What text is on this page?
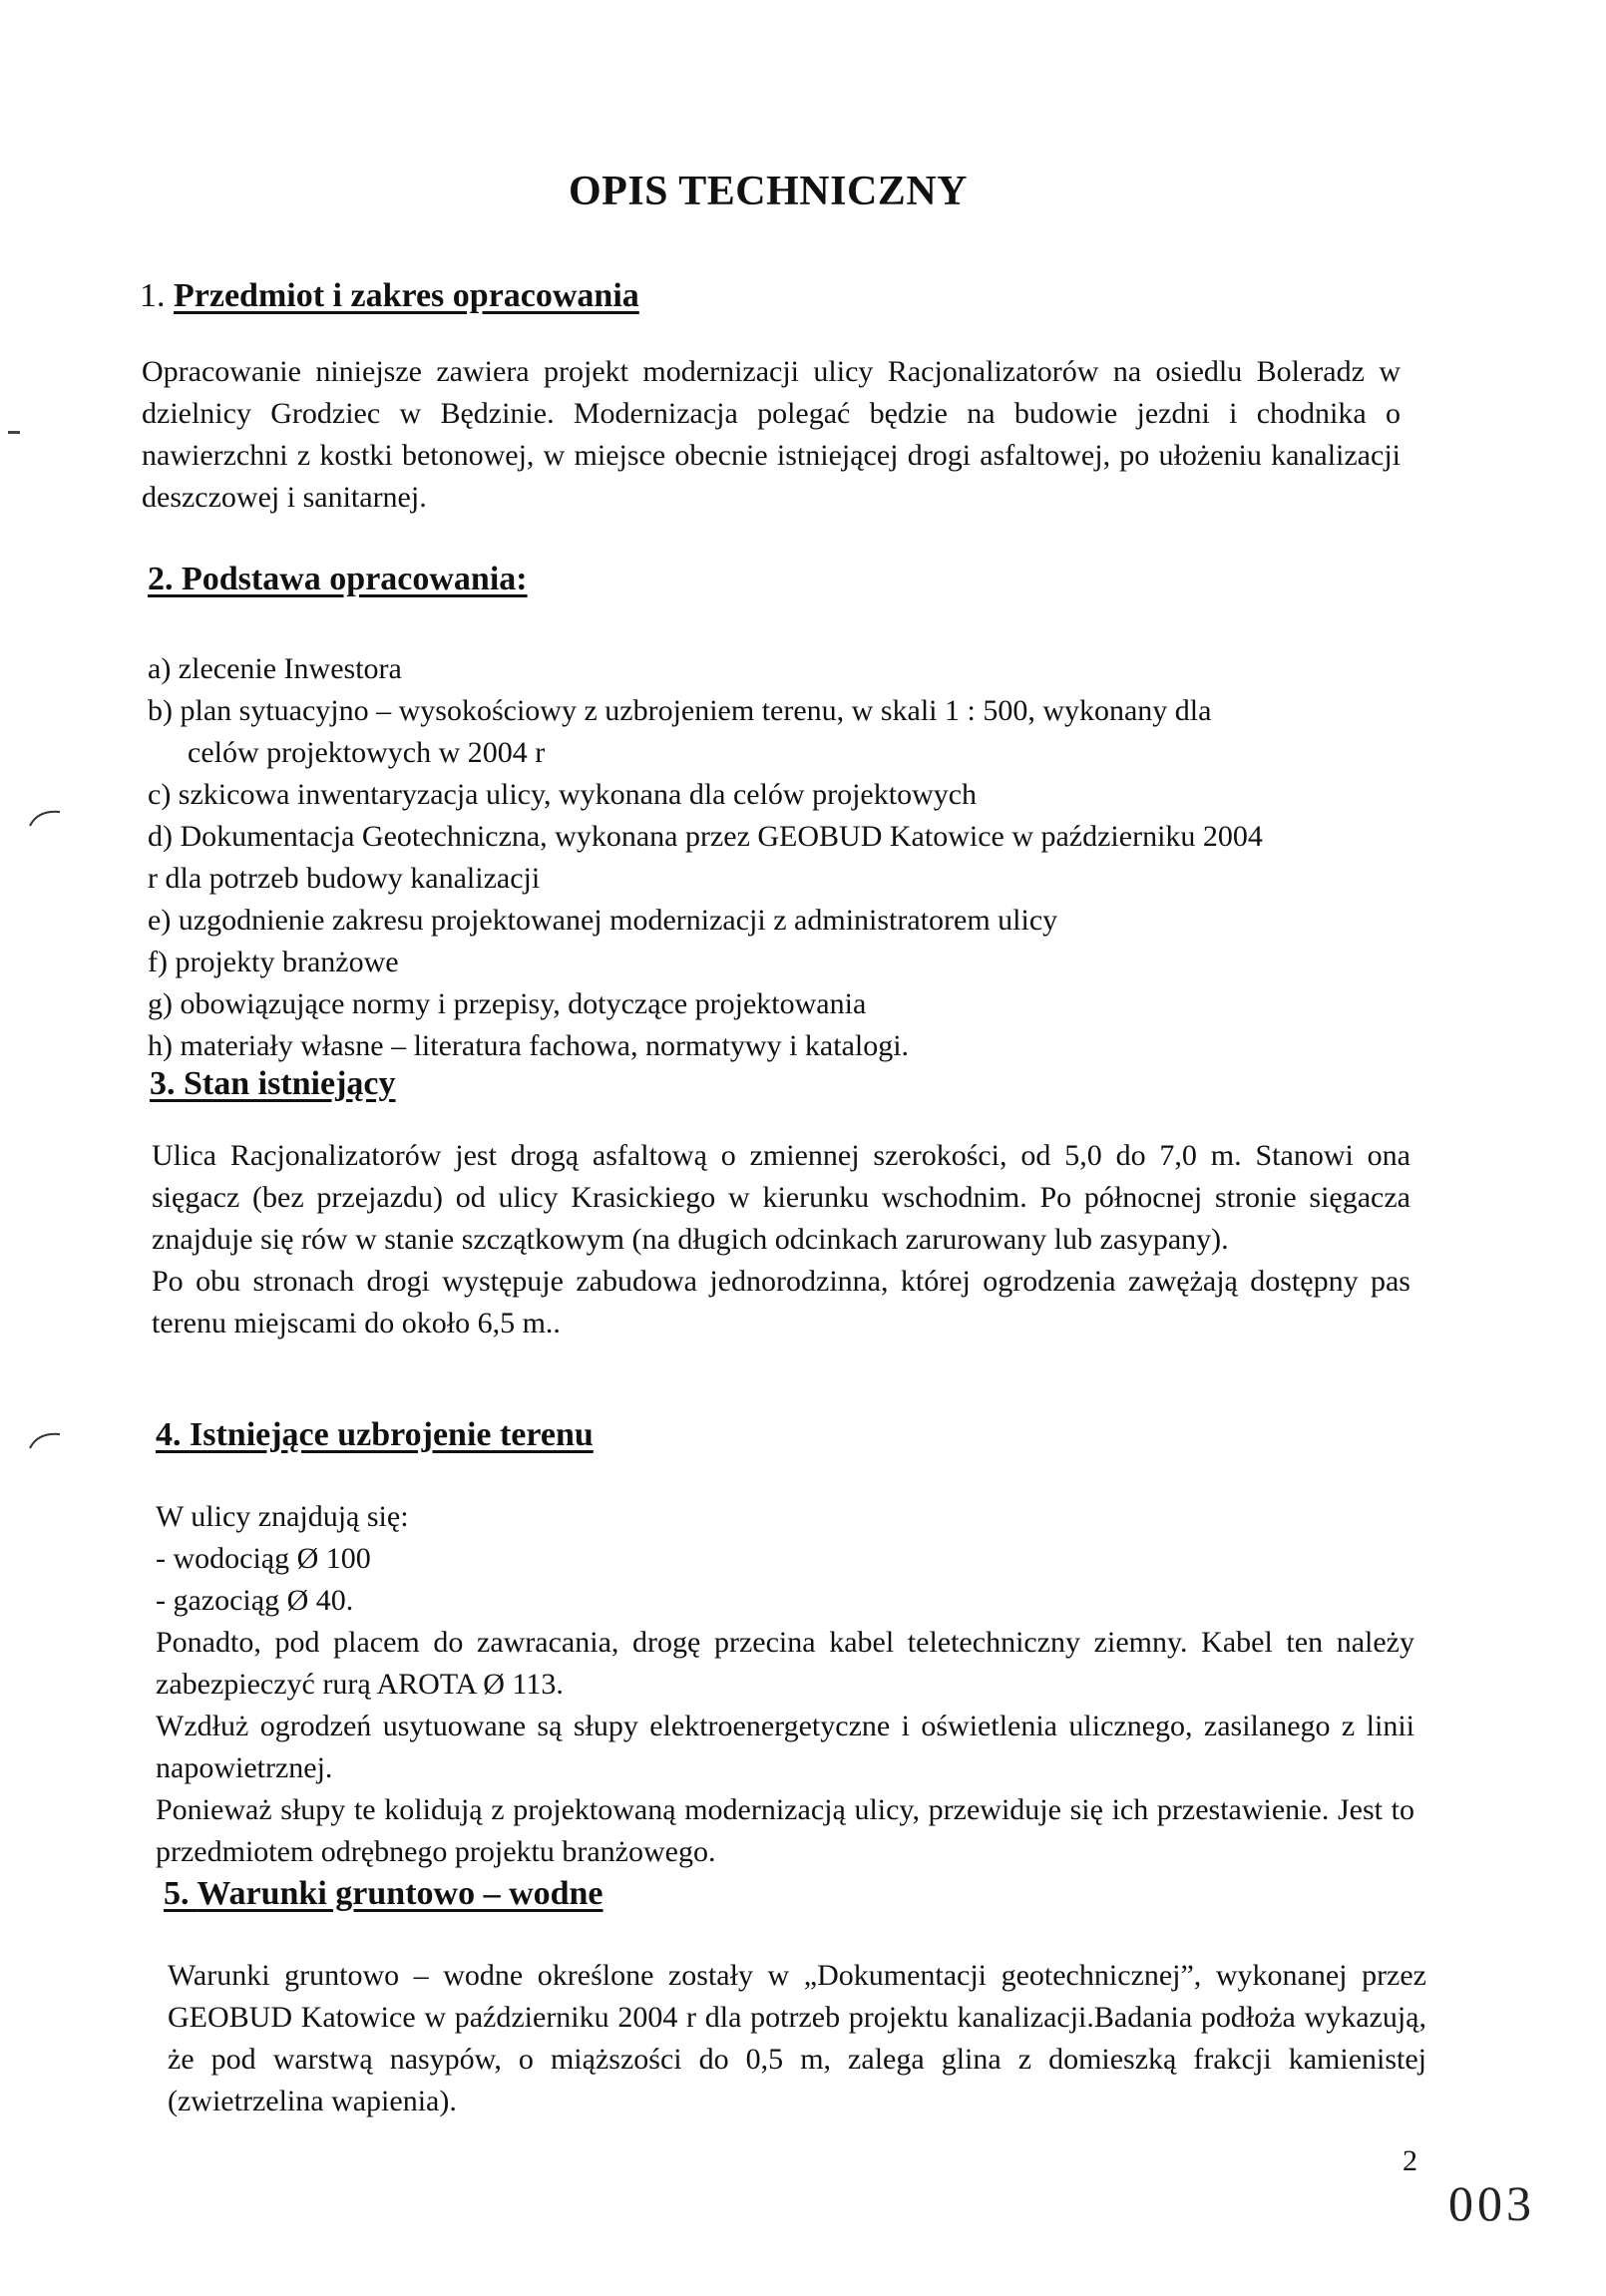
OPIS TECHNICZNY
1. Przedmiot i zakres opracowania

Opracowanie niniejsze zawiera projekt modernizacji ulicy Racjonalizatorów na osiedlu Boleradz w dzielnicy Grodziec w Będzinie. Modernizacja polegać będzie na budowie jezdni i chodnika o nawierzchni z kostki betonowej, w miejsce obecnie istniejącej drogi asfaltowej, po ułożeniu kanalizacji deszczowej i sanitarnej.

2. Podstawa opracowania:
a) zlecenie Inwestora
b) plan sytuacyjno – wysokościowy z uzbrojeniem terenu, w skali 1 : 500, wykonany dla
celów projektowych w 2004 r
c) szkicowa inwentaryzacja ulicy, wykonana dla celów projektowych
d) Dokumentacja Geotechniczna, wykonana przez GEOBUD Katowice w październiku 2004
r dla potrzeb budowy kanalizacji
e) uzgodnienie zakresu projektowanej modernizacji z administratorem ulicy
f) projekty branżowe
g) obowiązujące normy i przepisy, dotyczące projektowania
h) materiały własne – literatura fachowa, normatywy i katalogi.
3. Stan istniejący

Ulica Racjonalizatorów jest drogą asfaltową o zmiennej szerokości, od 5,0 do 7,0 m. Stanowi ona sięgacz (bez przejazdu) od ulicy Krasickiego w kierunku wschodnim. Po północnej stronie sięgacza znajduje się rów w stanie szczątkowym (na długich odcinkach zarurowany lub zasypany).

Po obu stronach drogi występuje zabudowa jednorodzinna, której ogrodzenia zawężają dostępny pas terenu miejscami do około 6,5 m..

4. Istniejące uzbrojenie terenu
W ulicy znajdują się:
- wodociąg Ø 100
- gazociąg Ø 40.

Ponadto, pod placem do zawracania, drogę przecina kabel teletechniczny ziemny. Kabel ten należy zabezpieczyć rurą AROTA Ø 113.

Wzdłuż ogrodzeń usytuowane są słupy elektroenergetyczne i oświetlenia ulicznego, zasilanego z linii napowietrznej.

Ponieważ słupy te kolidują z projektowaną modernizacją ulicy, przewiduje się ich przestawienie. Jest to przedmiotem odrębnego projektu branżowego.

5. Warunki gruntowo – wodne

Warunki gruntowo – wodne określone zostały w „Dokumentacji geotechnicznej”, wykonanej przez GEOBUD Katowice w październiku 2004 r dla potrzeb projektu kanalizacji.Badania podłoża wykazują, że pod warstwą nasypów, o miąższości do 0,5 m, zalega glina z domieszką frakcji kamienistej (zwietrzelina wapienia).

2
003
